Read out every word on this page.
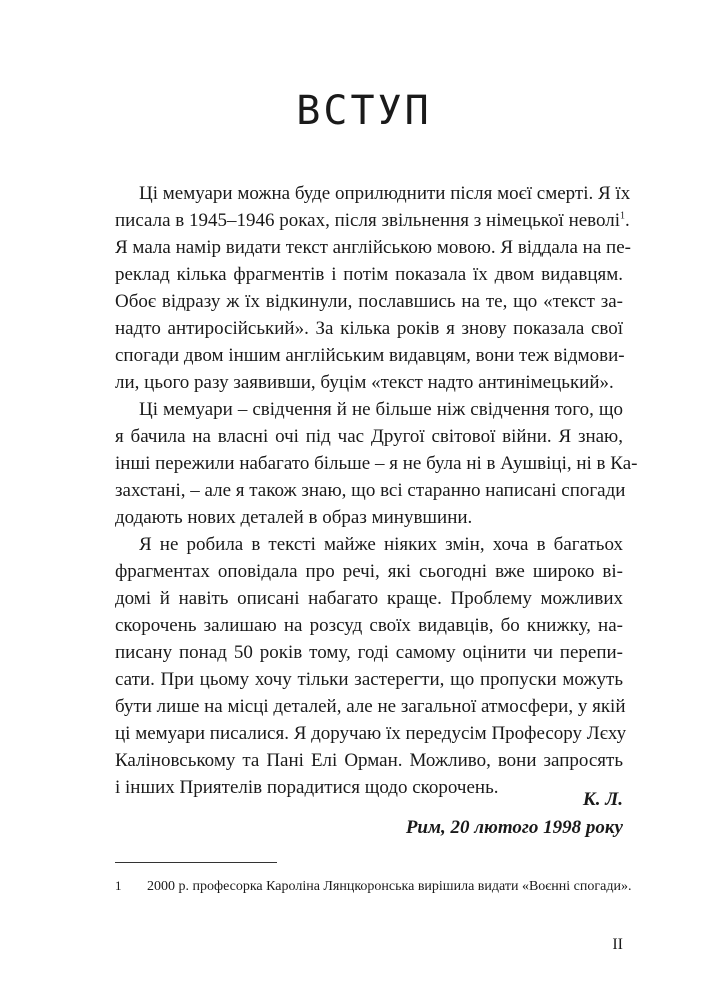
ВСТУП
Ці мемуари можна буде оприлюднити після моєї смерті. Я їх
писала в 1945–1946 роках, після звільнення з німецької неволі$^1$.
Я мала намір видати текст англійською мовою. Я віддала на пе-
реклад кілька фрагментів і потім показала їх двом видавцям.
Обоє відразу ж їх відкинули, пославшись на те, що «текст за-
надто антиросійський». За кілька років я знову показала свої
спогади двом іншим англійським видавцям, вони теж відмови-
ли, цього разу заявивши, буцім «текст надто антинімецький».
Ці мемуари – свідчення й не більше ніж свідчення того, що
я бачила на власні очі під час Другої світової війни. Я знаю,
інші пережили набагато більше – я не була ні в Аушвіці, ні в Ка-
захстані, – але я також знаю, що всі старанно написані спогади
додають нових деталей в образ минувшини.
Я не робила в тексті майже ніяких змін, хоча в багатьох
фрагментах оповідала про речі, які сьогодні вже широко ві-
домі й навіть описані набагато краще. Проблему можливих
скорочень залишаю на розсуд своїх видавців, бо книжку, на-
писану понад 50 років тому, годі самому оцінити чи перепи-
сати. При цьому хочу тільки застерегти, що пропуски можуть
бути лише на місці деталей, але не загальної атмосфери, у якій
ці мемуари писалися. Я доручаю їх передусім Професору Лєху
Каліновському та Пані Елі Орман. Можливо, вони запросять
і інших Приятелів порадитися щодо скорочень.
К. Л.
Рим, 20 лютого 1998 року
1 2000 р. професорка Кароліна Лянцкоронська вирішила видати «Воєнні спогади».
II
